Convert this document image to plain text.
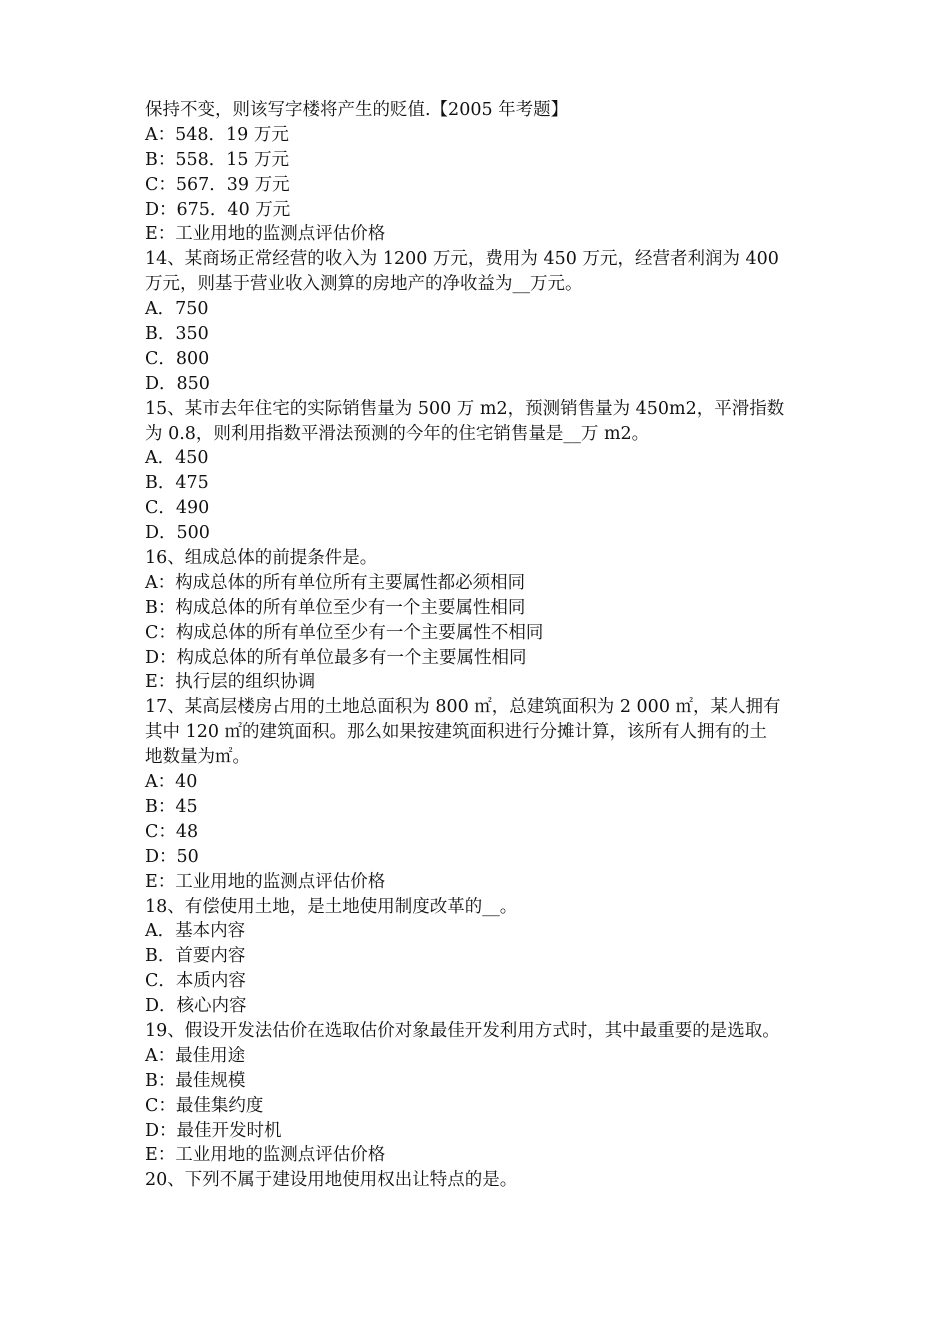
保持不变，则该写字楼将产生的贬值.【2005 年考题】
A：548．19 万元
B：558．15 万元
C：567．39 万元
D：675．40 万元
E：工业用地的监测点评估价格
14、某商场正常经营的收入为 1200 万元，费用为 450 万元，经营者利润为 400
万元，则基于营业收入测算的房地产的净收益为__万元。
A．750
B．350
C．800
D．850
15、某市去年住宅的实际销售量为 500 万 m2，预测销售量为 450m2，平滑指数
为 0.8，则利用指数平滑法预测的今年的住宅销售量是__万 m2。
A．450
B．475
C．490
D．500
16、组成总体的前提条件是。
A：构成总体的所有单位所有主要属性都必须相同
B：构成总体的所有单位至少有一个主要属性相同
C：构成总体的所有单位至少有一个主要属性不相同
D：构成总体的所有单位最多有一个主要属性相同
E：执行层的组织协调
17、某高层楼房占用的土地总面积为 800 ㎡，总建筑面积为 2 000 ㎡，某人拥有
其中 120 ㎡的建筑面积。那么如果按建筑面积进行分摊计算，该所有人拥有的土
地数量为㎡。
A：40
B：45
C：48
D：50
E：工业用地的监测点评估价格
18、有偿使用土地，是土地使用制度改革的__。
A．基本内容
B．首要内容
C．本质内容
D．核心内容
19、假设开发法估价在选取估价对象最佳开发利用方式时，其中最重要的是选取。
A：最佳用途
B：最佳规模
C：最佳集约度
D：最佳开发时机
E：工业用地的监测点评估价格
20、下列不属于建设用地使用权出让特点的是。
